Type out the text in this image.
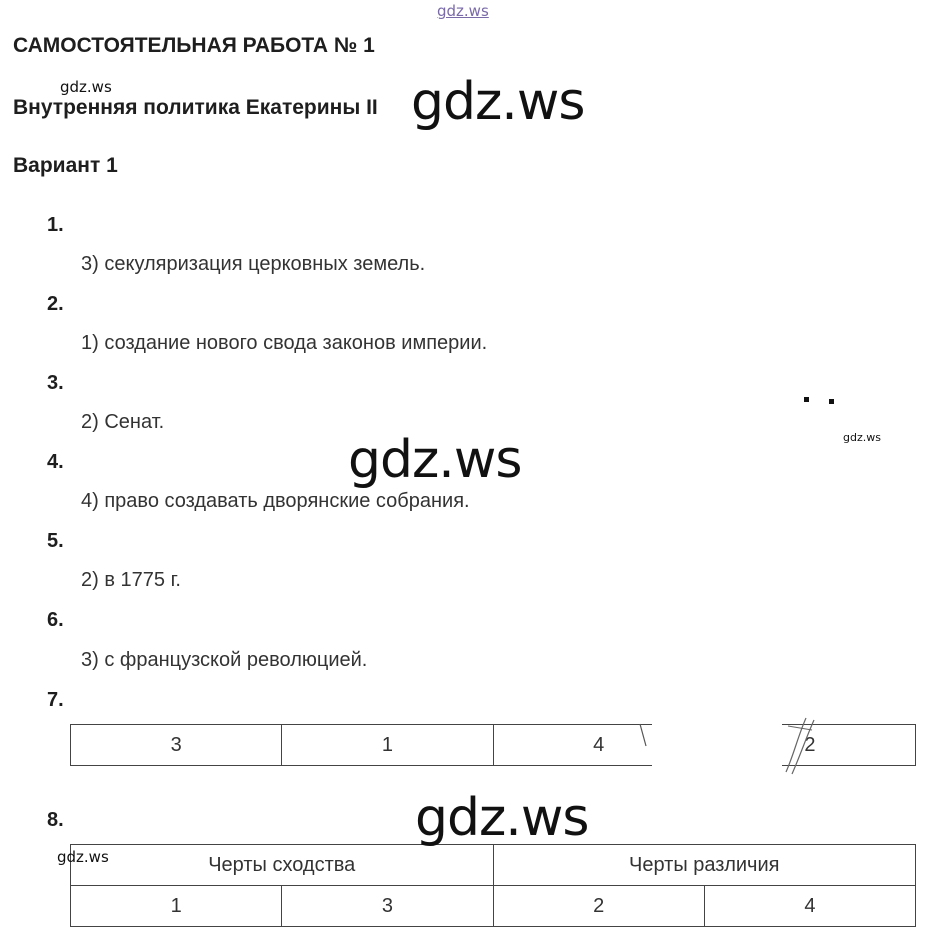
gdz.ws
САМОСТОЯТЕЛЬНАЯ РАБОТА № 1
Внутренняя политика Екатерины II
Вариант 1
1.
3) секуляризация церковных земель.
2.
1) создание нового свода законов империи.
3.
2) Сенат.
4.
4) право создавать дворянские собрания.
5.
2) в 1775 г.
6.
3) с французской революцией.
7.
3	1	4	2
8.
Черты сходства		Черты различия	
1	3	2	4
gdz.ws	gdz.ws
gdz.ws
gdz.ws
gdz.ws
gdz.ws
